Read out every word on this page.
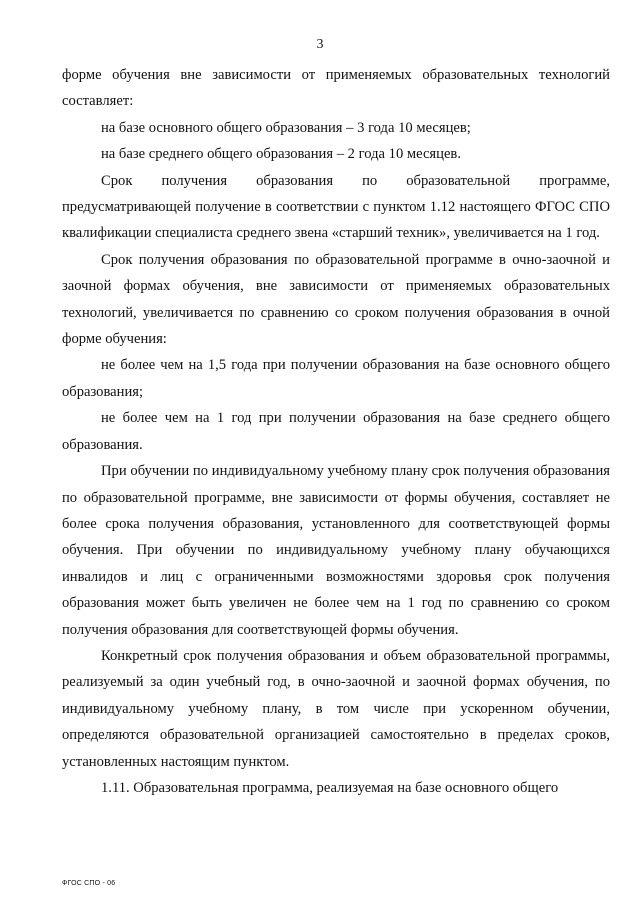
3

форме обучения вне зависимости от применяемых образовательных технологий составляет:

на базе основного общего образования – 3 года 10 месяцев;

на базе среднего общего образования – 2 года 10 месяцев.

Срок получения образования по образовательной программе, предусматривающей получение в соответствии с пунктом 1.12 настоящего ФГОС СПО квалификации специалиста среднего звена «старший техник», увеличивается на 1 год.

Срок получения образования по образовательной программе в очно-заочной и заочной формах обучения, вне зависимости от применяемых образовательных технологий, увеличивается по сравнению со сроком получения образования в очной форме обучения:

не более чем на 1,5 года при получении образования на базе основного общего образования;

не более чем на 1 год при получении образования на базе среднего общего образования.

При обучении по индивидуальному учебному плану срок получения образования по образовательной программе, вне зависимости от формы обучения, составляет не более срока получения образования, установленного для соответствующей формы обучения. При обучении по индивидуальному учебному плану обучающихся инвалидов и лиц с ограниченными возможностями здоровья срок получения образования может быть увеличен не более чем на 1 год по сравнению со сроком получения образования для соответствующей формы обучения.

Конкретный срок получения образования и объем образовательной программы, реализуемый за один учебный год, в очно-заочной и заочной формах обучения, по индивидуальному учебному плану, в том числе при ускоренном обучении, определяются образовательной организацией самостоятельно в пределах сроков, установленных настоящим пунктом.

1.11. Образовательная программа, реализуемая на базе основного общего

ФГОС СПО - 06
